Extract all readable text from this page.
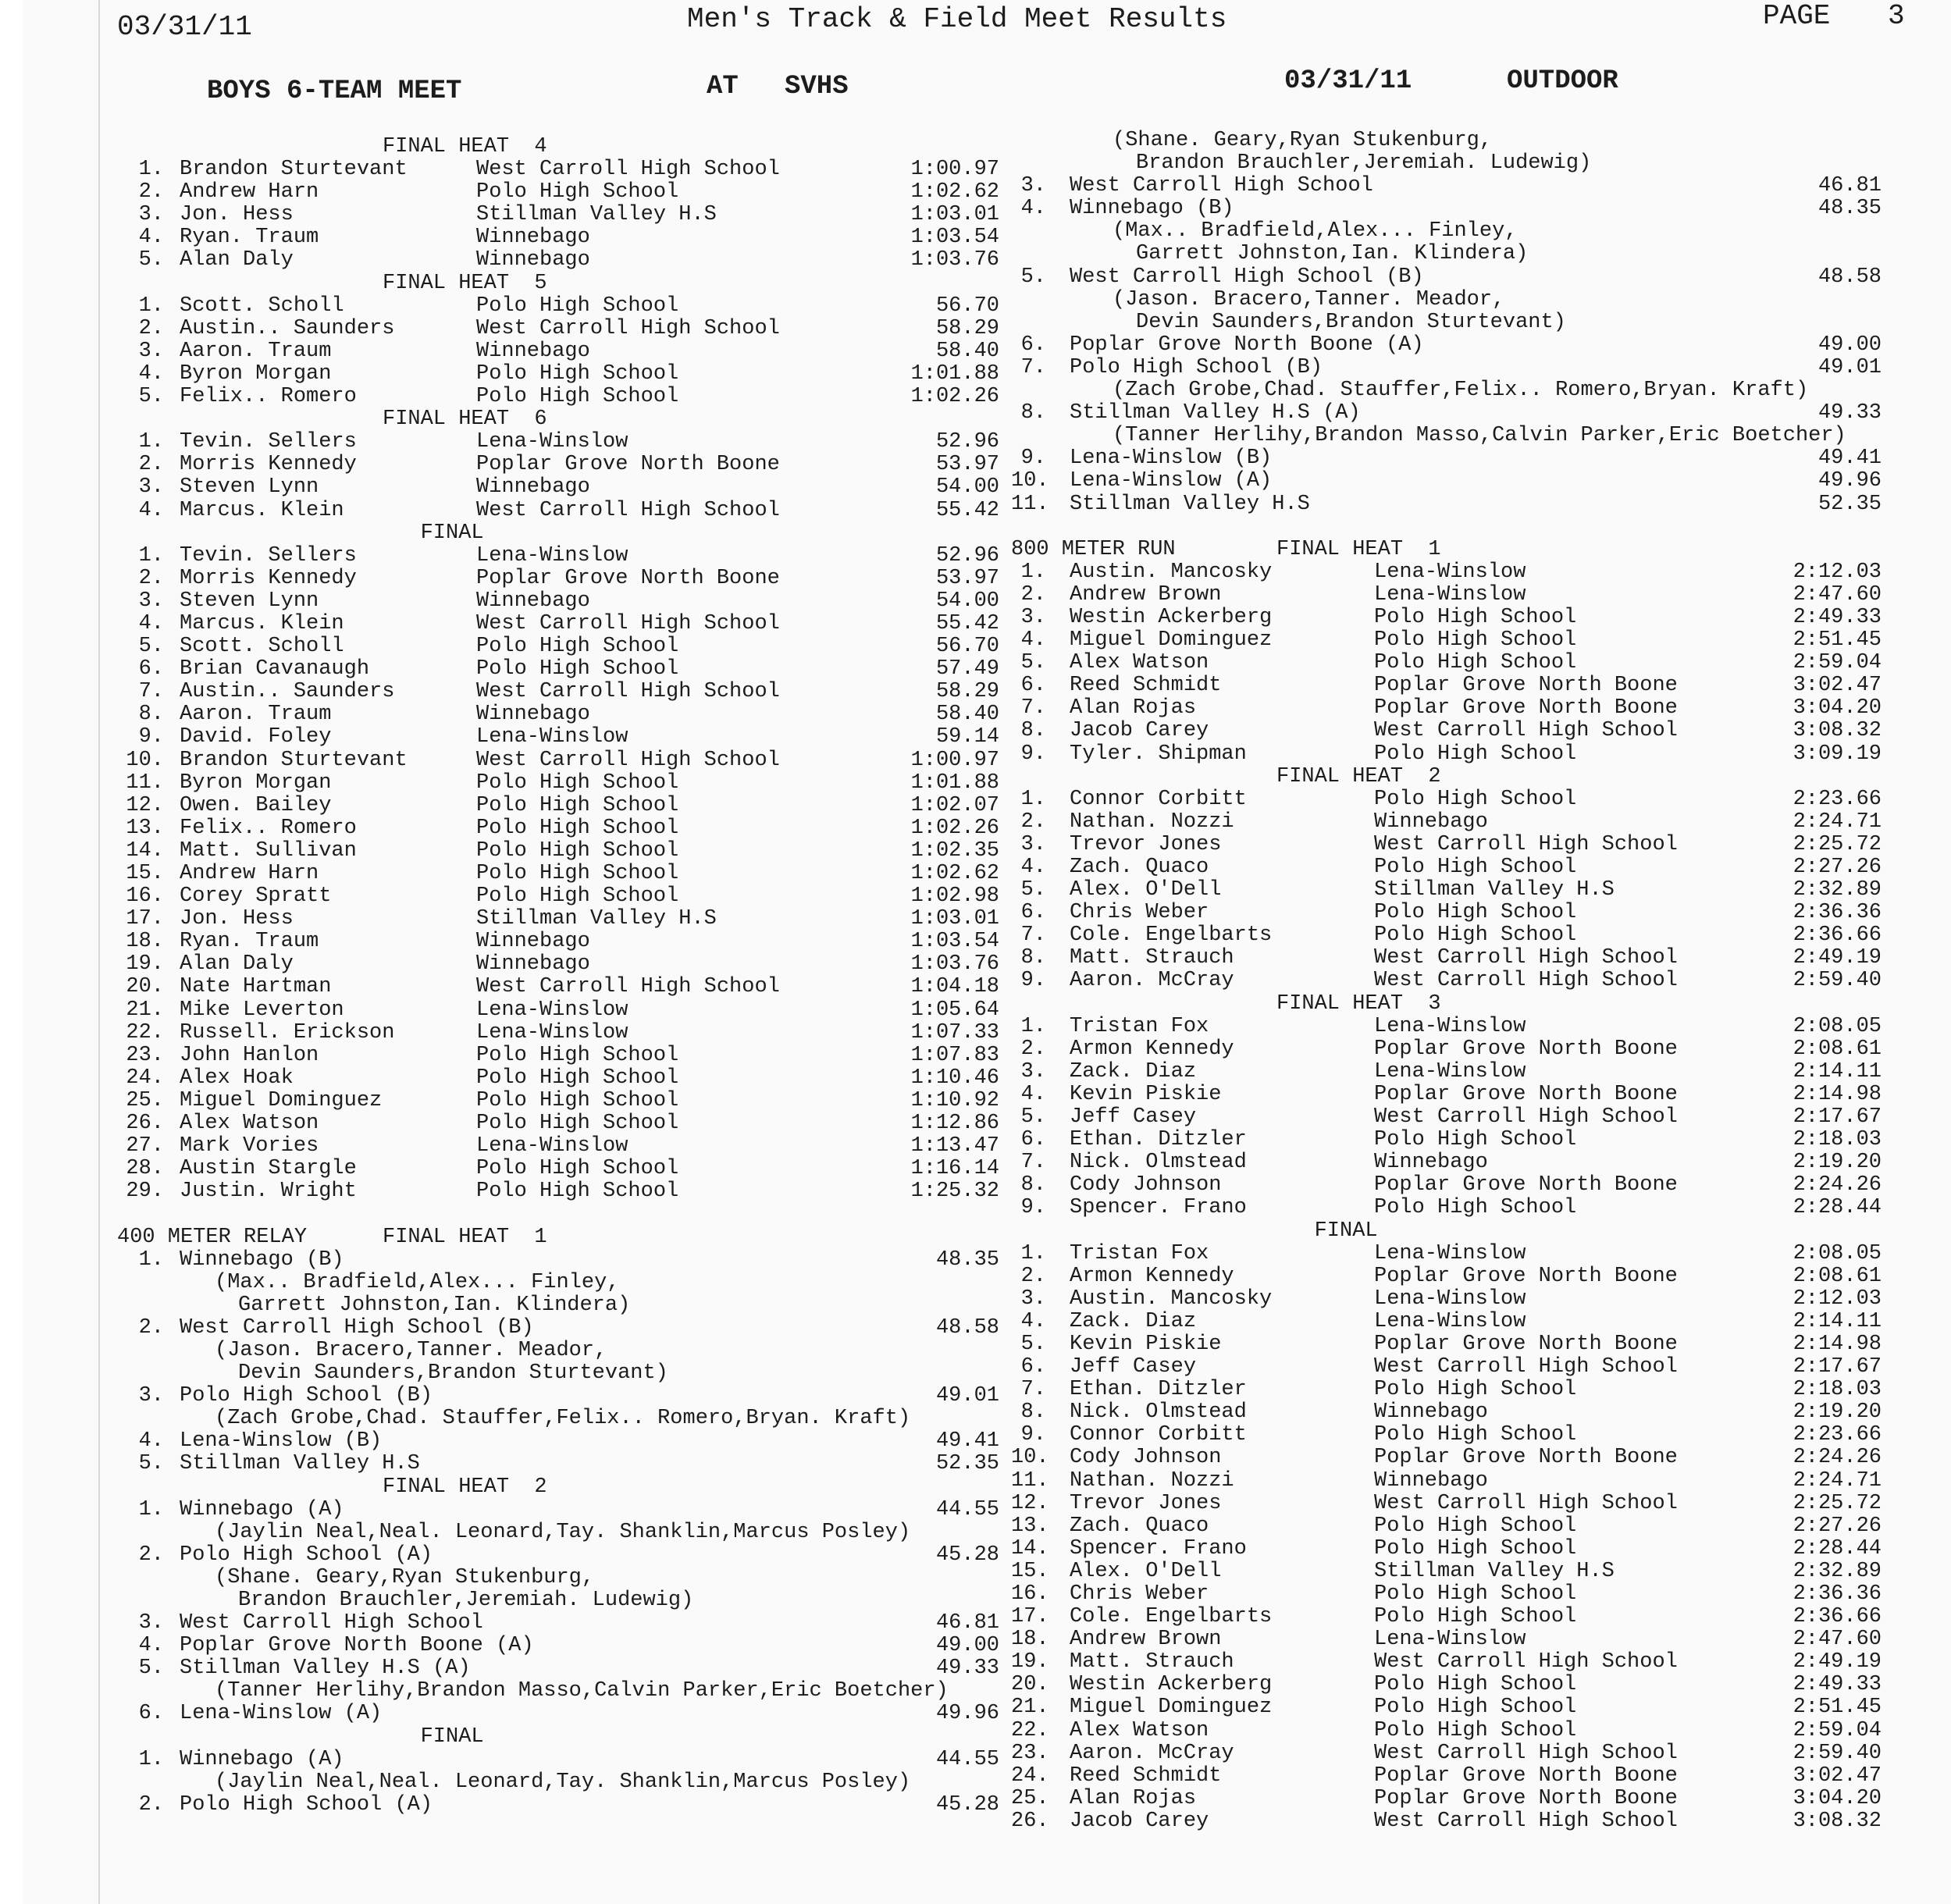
03/31/11	Men's Track & Field Meet Results	PAGE 3
BOYS 6-TEAM MEET	AT SVHS	03/31/11	OUTDOOR
FINAL HEAT  4
1. Brandon Sturtevant	West Carroll High School	1:00.97
2. Andrew Harn	Polo High School	1:02.62
3. Jon. Hess	Stillman Valley H.S	1:03.01
4. Ryan. Traum	Winnebago	1:03.54
5. Alan Daly	Winnebago	1:03.76
FINAL HEAT  5
1. Scott. Scholl	Polo High School	56.70
2. Austin.. Saunders	West Carroll High School	58.29
3. Aaron. Traum	Winnebago	58.40
4. Byron Morgan	Polo High School	1:01.88
5. Felix.. Romero	Polo High School	1:02.26
FINAL HEAT  6
1. Tevin. Sellers	Lena-Winslow	52.96
2. Morris Kennedy	Poplar Grove North Boone	53.97
3. Steven Lynn	Winnebago	54.00
4. Marcus. Klein	West Carroll High School	55.42
FINAL
1. Tevin. Sellers	Lena-Winslow	52.96
2. Morris Kennedy	Poplar Grove North Boone	53.97
3. Steven Lynn	Winnebago	54.00
4. Marcus. Klein	West Carroll High School	55.42
5. Scott. Scholl	Polo High School	56.70
6. Brian Cavanaugh	Polo High School	57.49
7. Austin.. Saunders	West Carroll High School	58.29
8. Aaron. Traum	Winnebago	58.40
9. David. Foley	Lena-Winslow	59.14
10. Brandon Sturtevant	West Carroll High School	1:00.97
11. Byron Morgan	Polo High School	1:01.88
12. Owen. Bailey	Polo High School	1:02.07
13. Felix.. Romero	Polo High School	1:02.26
14. Matt. Sullivan	Polo High School	1:02.35
15. Andrew Harn	Polo High School	1:02.62
16. Corey Spratt	Polo High School	1:02.98
17. Jon. Hess	Stillman Valley H.S	1:03.01
18. Ryan. Traum	Winnebago	1:03.54
19. Alan Daly	Winnebago	1:03.76
20. Nate Hartman	West Carroll High School	1:04.18
21. Mike Leverton	Lena-Winslow	1:05.64
22. Russell. Erickson	Lena-Winslow	1:07.33
23. John Hanlon	Polo High School	1:07.83
24. Alex Hoak	Polo High School	1:10.46
25. Miguel Dominguez	Polo High School	1:10.92
26. Alex Watson	Polo High School	1:12.86
27. Mark Vories	Lena-Winslow	1:13.47
28. Austin Stargle	Polo High School	1:16.14
29. Justin. Wright	Polo High School	1:25.32
400 METER RELAY	FINAL HEAT  1
1. Winnebago (B)	48.35
(Max.. Bradfield,Alex... Finley,
Garrett Johnston,Ian. Klindera)
2. West Carroll High School (B)	48.58
(Jason. Bracero,Tanner. Meador,
Devin Saunders,Brandon Sturtevant)
3. Polo High School (B)	49.01
(Zach Grobe,Chad. Stauffer,Felix.. Romero,Bryan. Kraft)
4. Lena-Winslow (B)	49.41
5. Stillman Valley H.S	52.35
FINAL HEAT  2
1. Winnebago (A)	44.55
(Jaylin Neal,Neal. Leonard,Tay. Shanklin,Marcus Posley)
2. Polo High School (A)	45.28
(Shane. Geary,Ryan Stukenburg,
Brandon Brauchler,Jeremiah. Ludewig)
3. West Carroll High School	46.81
4. Poplar Grove North Boone (A)	49.00
5. Stillman Valley H.S (A)	49.33
(Tanner Herlihy,Brandon Masso,Calvin Parker,Eric Boetcher)
6. Lena-Winslow (A)	49.96
FINAL
1. Winnebago (A)	44.55
(Jaylin Neal,Neal. Leonard,Tay. Shanklin,Marcus Posley)
2. Polo High School (A)	45.28
(Shane. Geary,Ryan Stukenburg,
Brandon Brauchler,Jeremiah. Ludewig)
3. West Carroll High School	46.81
4. Winnebago (B)	48.35
(Max.. Bradfield,Alex... Finley,
Garrett Johnston,Ian. Klindera)
5. West Carroll High School (B)	48.58
(Jason. Bracero,Tanner. Meador,
Devin Saunders,Brandon Sturtevant)
6. Poplar Grove North Boone (A)	49.00
7. Polo High School (B)	49.01
(Zach Grobe,Chad. Stauffer,Felix.. Romero,Bryan. Kraft)
8. Stillman Valley H.S (A)	49.33
(Tanner Herlihy,Brandon Masso,Calvin Parker,Eric Boetcher)
9. Lena-Winslow (B)	49.41
10. Lena-Winslow (A)	49.96
11. Stillman Valley H.S	52.35
800 METER RUN	FINAL HEAT  1
1. Austin. Mancosky	Lena-Winslow	2:12.03
2. Andrew Brown	Lena-Winslow	2:47.60
3. Westin Ackerberg	Polo High School	2:49.33
4. Miguel Dominguez	Polo High School	2:51.45
5. Alex Watson	Polo High School	2:59.04
6. Reed Schmidt	Poplar Grove North Boone	3:02.47
7. Alan Rojas	Poplar Grove North Boone	3:04.20
8. Jacob Carey	West Carroll High School	3:08.32
9. Tyler. Shipman	Polo High School	3:09.19
FINAL HEAT  2
1. Connor Corbitt	Polo High School	2:23.66
2. Nathan. Nozzi	Winnebago	2:24.71
3. Trevor Jones	West Carroll High School	2:25.72
4. Zach. Quaco	Polo High School	2:27.26
5. Alex. O'Dell	Stillman Valley H.S	2:32.89
6. Chris Weber	Polo High School	2:36.36
7. Cole. Engelbarts	Polo High School	2:36.66
8. Matt. Strauch	West Carroll High School	2:49.19
9. Aaron. McCray	West Carroll High School	2:59.40
FINAL HEAT  3
1. Tristan Fox	Lena-Winslow	2:08.05
2. Armon Kennedy	Poplar Grove North Boone	2:08.61
3. Zack. Diaz	Lena-Winslow	2:14.11
4. Kevin Piskie	Poplar Grove North Boone	2:14.98
5. Jeff Casey	West Carroll High School	2:17.67
6. Ethan. Ditzler	Polo High School	2:18.03
7. Nick. Olmstead	Winnebago	2:19.20
8. Cody Johnson	Poplar Grove North Boone	2:24.26
9. Spencer. Frano	Polo High School	2:28.44
FINAL
1. Tristan Fox	Lena-Winslow	2:08.05
2. Armon Kennedy	Poplar Grove North Boone	2:08.61
3. Austin. Mancosky	Lena-Winslow	2:12.03
4. Zack. Diaz	Lena-Winslow	2:14.11
5. Kevin Piskie	Poplar Grove North Boone	2:14.98
6. Jeff Casey	West Carroll High School	2:17.67
7. Ethan. Ditzler	Polo High School	2:18.03
8. Nick. Olmstead	Winnebago	2:19.20
9. Connor Corbitt	Polo High School	2:23.66
10. Cody Johnson	Poplar Grove North Boone	2:24.26
11. Nathan. Nozzi	Winnebago	2:24.71
12. Trevor Jones	West Carroll High School	2:25.72
13. Zach. Quaco	Polo High School	2:27.26
14. Spencer. Frano	Polo High School	2:28.44
15. Alex. O'Dell	Stillman Valley H.S	2:32.89
16. Chris Weber	Polo High School	2:36.36
17. Cole. Engelbarts	Polo High School	2:36.66
18. Andrew Brown	Lena-Winslow	2:47.60
19. Matt. Strauch	West Carroll High School	2:49.19
20. Westin Ackerberg	Polo High School	2:49.33
21. Miguel Dominguez	Polo High School	2:51.45
22. Alex Watson	Polo High School	2:59.04
23. Aaron. McCray	West Carroll High School	2:59.40
24. Reed Schmidt	Poplar Grove North Boone	3:02.47
25. Alan Rojas	Poplar Grove North Boone	3:04.20
26. Jacob Carey	West Carroll High School	3:08.32
